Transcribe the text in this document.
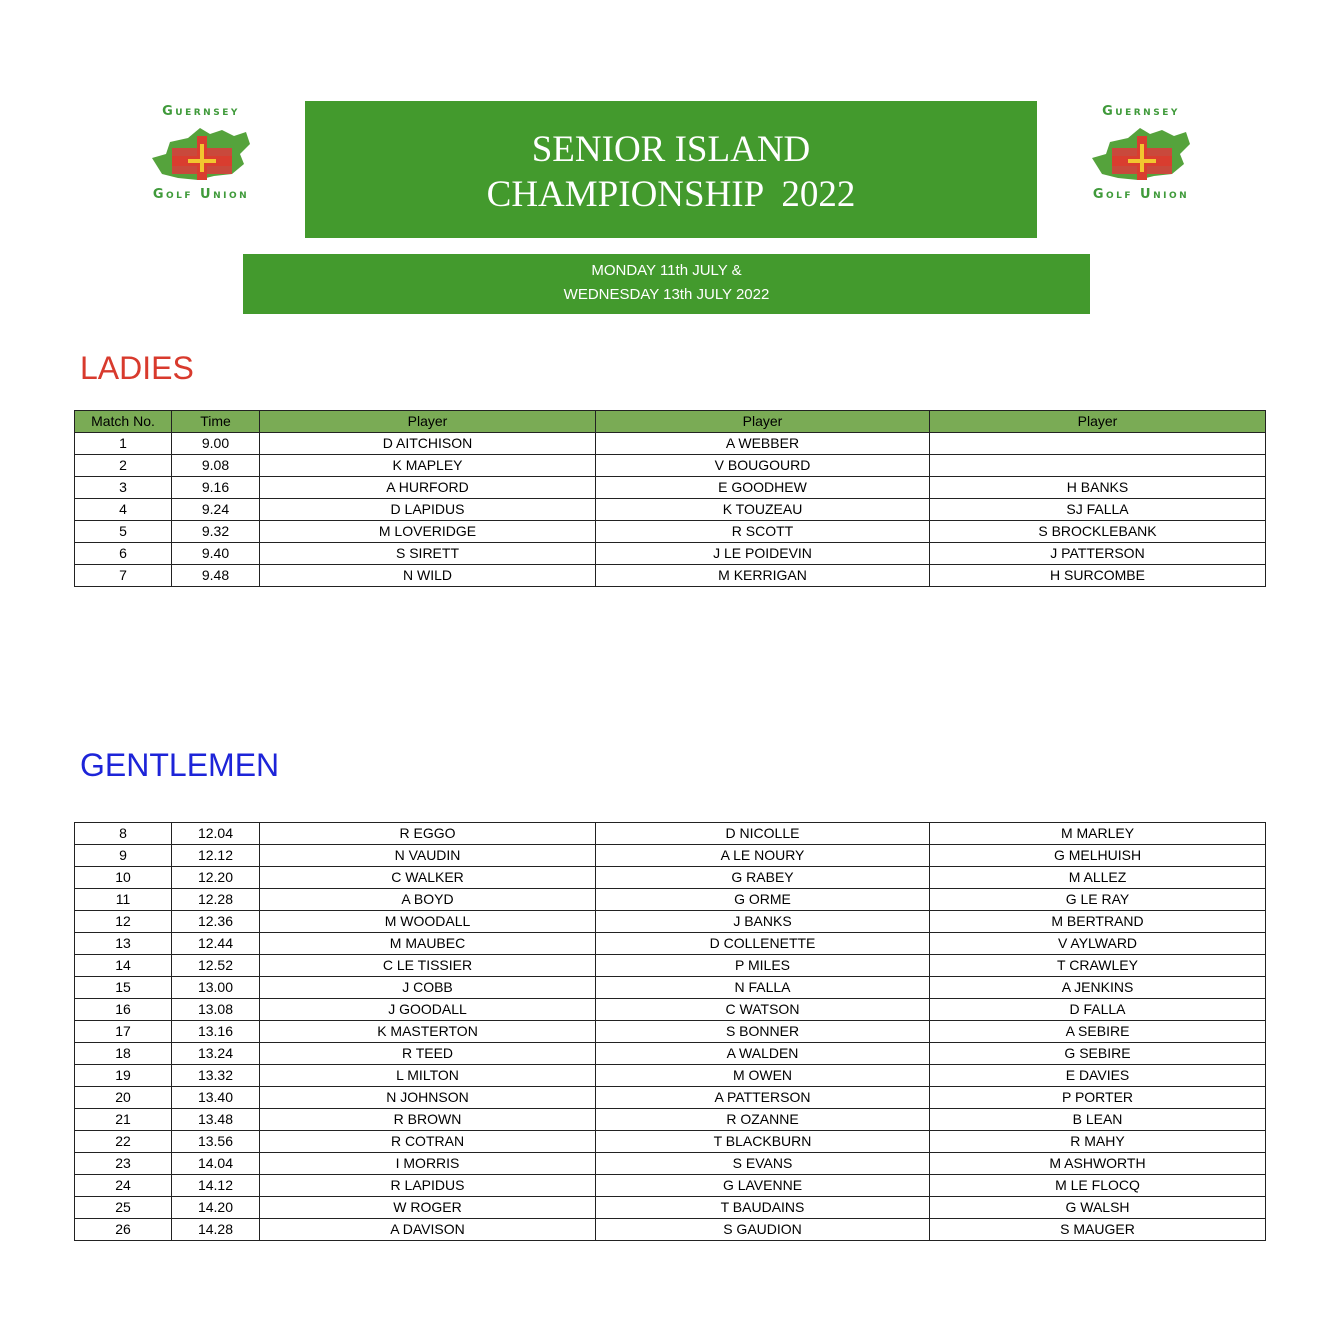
Guernsey
Golf Union
Guernsey
Golf Union
SENIOR ISLAND
CHAMPIONSHIP  2022
MONDAY 11th JULY &
WEDNESDAY 13th JULY 2022
LADIES
Match No.	Time	Player	Player	Player
1	9.00	D AITCHISON	A WEBBER	
2	9.08	K MAPLEY	V BOUGOURD	
3	9.16	A HURFORD	E GOODHEW	H BANKS
4	9.24	D LAPIDUS	K TOUZEAU	SJ FALLA
5	9.32	M LOVERIDGE	R SCOTT	S BROCKLEBANK
6	9.40	S SIRETT	J LE POIDEVIN	J PATTERSON
7	9.48	N WILD	M KERRIGAN	H SURCOMBE
GENTLEMEN
8	12.04	R EGGO	D NICOLLE	M MARLEY
9	12.12	N VAUDIN	A LE NOURY	G MELHUISH
10	12.20	C WALKER	G RABEY	M ALLEZ
11	12.28	A BOYD	G ORME	G LE RAY
12	12.36	M WOODALL	J BANKS	M BERTRAND
13	12.44	M MAUBEC	D COLLENETTE	V AYLWARD
14	12.52	C LE TISSIER	P MILES	T CRAWLEY
15	13.00	J COBB	N FALLA	A JENKINS
16	13.08	J GOODALL	C WATSON	D FALLA
17	13.16	K MASTERTON	S BONNER	A SEBIRE
18	13.24	R TEED	A WALDEN	G SEBIRE
19	13.32	L MILTON	M OWEN	E DAVIES
20	13.40	N JOHNSON	A PATTERSON	P PORTER
21	13.48	R BROWN	R OZANNE	B LEAN
22	13.56	R COTRAN	T BLACKBURN	R MAHY
23	14.04	I MORRIS	S EVANS	M ASHWORTH
24	14.12	R LAPIDUS	G LAVENNE	M LE FLOCQ
25	14.20	W ROGER	T BAUDAINS	G WALSH
26	14.28	A DAVISON	S GAUDION	S MAUGER
